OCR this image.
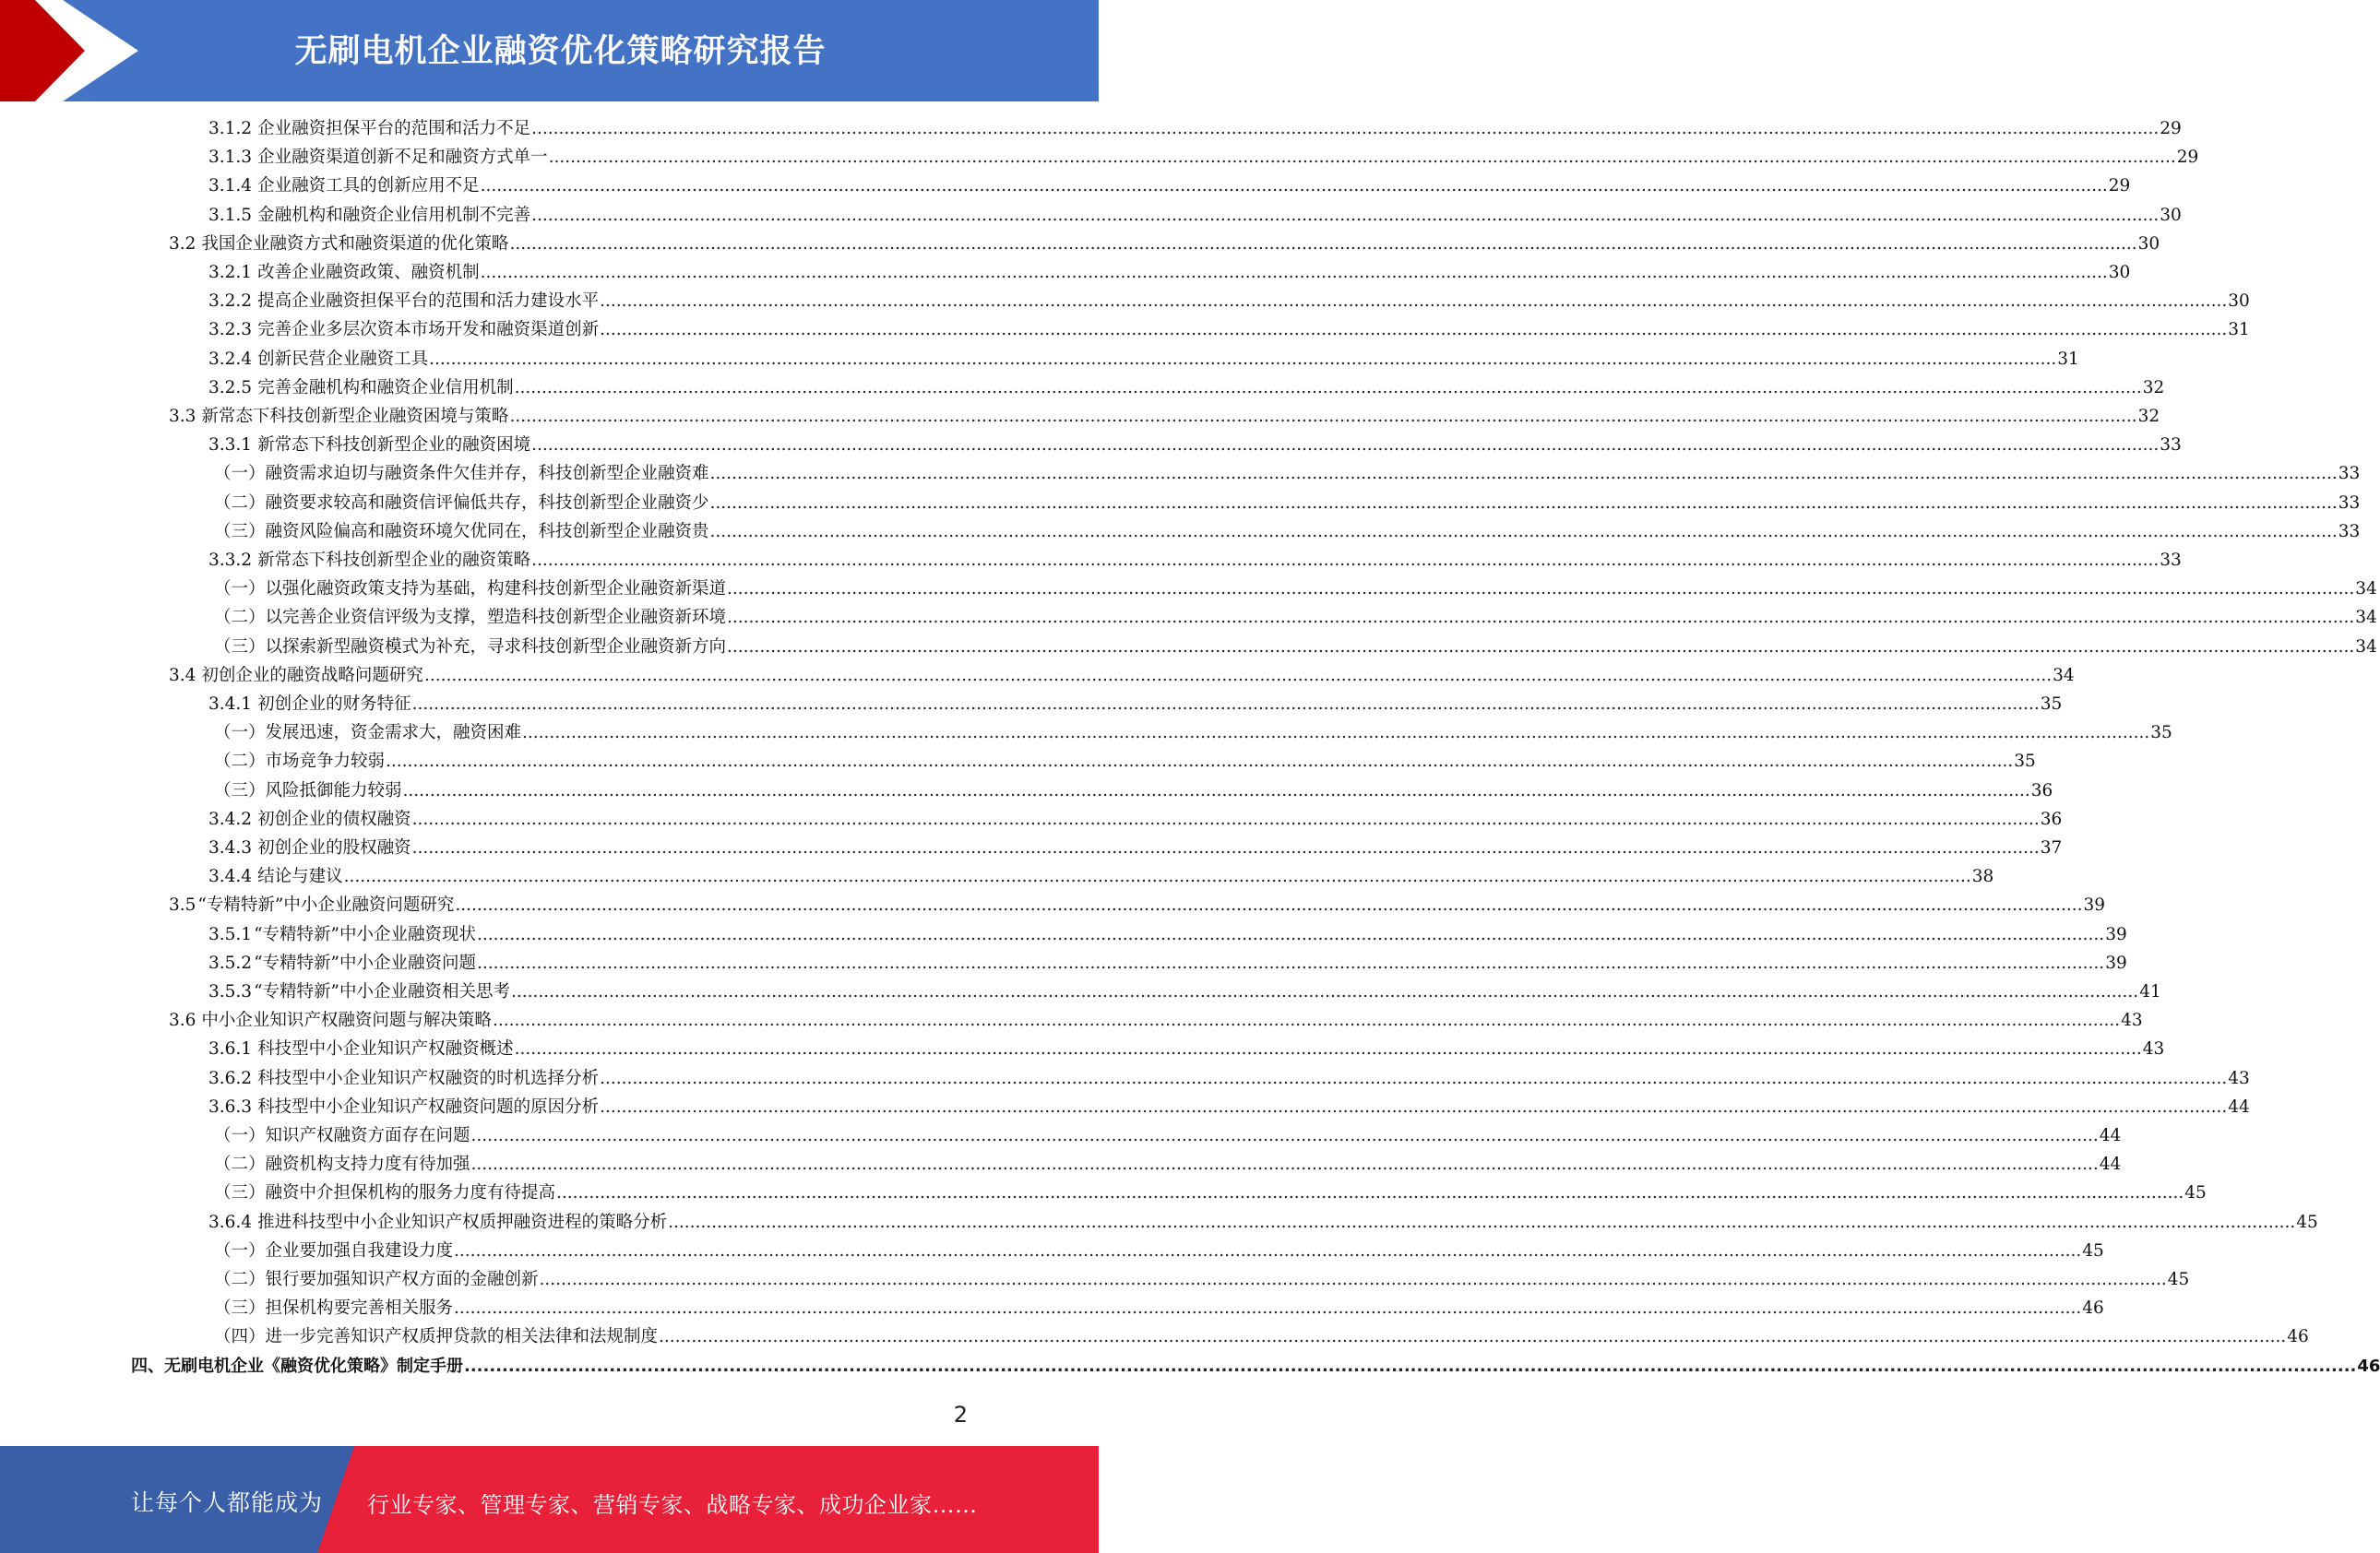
无刷电机企业融资优化策略研究报告
3.1.2 企业融资担保平台的范围和活力不足 ............................................................................................................................................................................................................................................................................................................ 29
3.1.3 企业融资渠道创新不足和融资方式单一 ............................................................................................................................................................................................................................................................................................................ 29
3.1.4 企业融资工具的创新应用不足 ............................................................................................................................................................................................................................................................................................................ 29
3.1.5 金融机构和融资企业信用机制不完善 ............................................................................................................................................................................................................................................................................................................ 30
3.2 我国企业融资方式和融资渠道的优化策略 ............................................................................................................................................................................................................................................................................................................ 30
3.2.1 改善企业融资政策、融资机制 ............................................................................................................................................................................................................................................................................................................ 30
3.2.2 提高企业融资担保平台的范围和活力建设水平 ............................................................................................................................................................................................................................................................................................................ 30
3.2.3 完善企业多层次资本市场开发和融资渠道创新 ............................................................................................................................................................................................................................................................................................................ 31
3.2.4 创新民营企业融资工具 ............................................................................................................................................................................................................................................................................................................ 31
3.2.5 完善金融机构和融资企业信用机制 ............................................................................................................................................................................................................................................................................................................ 32
3.3 新常态下科技创新型企业融资困境与策略 ............................................................................................................................................................................................................................................................................................................ 32
3.3.1 新常态下科技创新型企业的融资困境 ............................................................................................................................................................................................................................................................................................................ 33
（一） 融资需求迫切与融资条件欠佳并存，科技创新型企业融资难 ............................................................................................................................................................................................................................................................................................................ 33
（二） 融资要求较高和融资信评偏低共存，科技创新型企业融资少 ............................................................................................................................................................................................................................................................................................................ 33
（三） 融资风险偏高和融资环境欠优同在，科技创新型企业融资贵 ............................................................................................................................................................................................................................................................................................................ 33
3.3.2 新常态下科技创新型企业的融资策略 ............................................................................................................................................................................................................................................................................................................ 33
（一） 以强化融资政策支持为基础，构建科技创新型企业融资新渠道 ............................................................................................................................................................................................................................................................................................................ 34
（二） 以完善企业资信评级为支撑，塑造科技创新型企业融资新环境 ............................................................................................................................................................................................................................................................................................................ 34
（三） 以探索新型融资模式为补充，寻求科技创新型企业融资新方向 ............................................................................................................................................................................................................................................................................................................ 34
3.4 初创企业的融资战略问题研究 ............................................................................................................................................................................................................................................................................................................ 34
3.4.1 初创企业的财务特征 ............................................................................................................................................................................................................................................................................................................ 35
（一） 发展迅速，资金需求大，融资困难 ............................................................................................................................................................................................................................................................................................................ 35
（二） 市场竞争力较弱 ............................................................................................................................................................................................................................................................................................................ 35
（三） 风险抵御能力较弱 ............................................................................................................................................................................................................................................................................................................ 36
3.4.2 初创企业的债权融资 ............................................................................................................................................................................................................................................................................................................ 36
3.4.3 初创企业的股权融资 ............................................................................................................................................................................................................................................................................................................ 37
3.4.4 结论与建议 ............................................................................................................................................................................................................................................................................................................ 38
3.5 “专精特新”中小企业融资问题研究 ............................................................................................................................................................................................................................................................................................................ 39
3.5.1 “专精特新”中小企业融资现状 ............................................................................................................................................................................................................................................................................................................ 39
3.5.2 “专精特新”中小企业融资问题 ............................................................................................................................................................................................................................................................................................................ 39
3.5.3 “专精特新”中小企业融资相关思考 ............................................................................................................................................................................................................................................................................................................ 41
3.6 中小企业知识产权融资问题与解决策略 ............................................................................................................................................................................................................................................................................................................ 43
3.6.1 科技型中小企业知识产权融资概述 ............................................................................................................................................................................................................................................................................................................ 43
3.6.2 科技型中小企业知识产权融资的时机选择分析 ............................................................................................................................................................................................................................................................................................................ 43
3.6.3 科技型中小企业知识产权融资问题的原因分析 ............................................................................................................................................................................................................................................................................................................ 44
（一） 知识产权融资方面存在问题 ............................................................................................................................................................................................................................................................................................................ 44
（二） 融资机构支持力度有待加强 ............................................................................................................................................................................................................................................................................................................ 44
（三） 融资中介担保机构的服务力度有待提高 ............................................................................................................................................................................................................................................................................................................ 45
3.6.4 推进科技型中小企业知识产权质押融资进程的策略分析 ............................................................................................................................................................................................................................................................................................................ 45
（一） 企业要加强自我建设力度 ............................................................................................................................................................................................................................................................................................................ 45
（二） 银行要加强知识产权方面的金融创新 ............................................................................................................................................................................................................................................................................................................ 45
（三） 担保机构要完善相关服务 ............................................................................................................................................................................................................................................................................................................ 46
（四） 进一步完善知识产权质押贷款的相关法律和法规制度 ............................................................................................................................................................................................................................................................................................................ 46
四、 无刷电机企业《融资优化策略》制定手册 ............................................................................................................................................................................................................................................................................................................ 46
2
让每个人都能成为 行业专家、管理专家、营销专家、战略专家、成功企业家……
